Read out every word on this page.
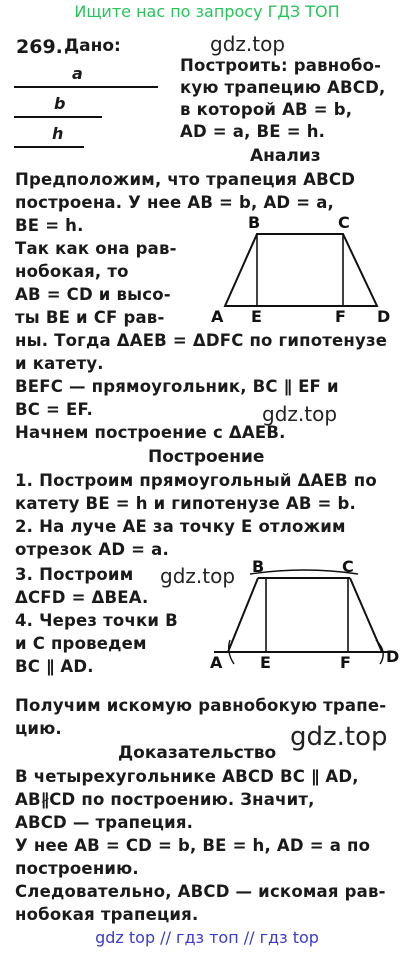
Ищите нас по запросу ГДЗ ТОП
269. Дано:
a
b
h
gdz.top
Построить: равнобо-
кую трапецию ABCD,
в которой AB = b,
AD = a, BE = h.
Анализ
Предположим, что трапеция ABCD
построена. У нее AB = b, AD = a,
BE = h.
Так как она рав-
нобокая, то
AB = CD и высо-
ты BE и CF рав-
ны. Тогда ΔAEB = ΔDFC по гипотенузе
и катету.
BEFC — прямоугольник, BC ∥ EF и
BC = EF.
Начнем построение с ΔAEB.
gdz.top
B	C
A E	F D
Построение
1. Построим прямоугольный ΔAEB по
катету BE = h и гипотенузе AB = b.
2. На луче AE за точку E отложим
отрезок AD = a.
3. Построим
ΔCFD = ΔBEA.
4. Через точки B
и C проведем
BC ∥ AD.
gdz.top B	C
A E	F D
Получим искомую равнобокую трапе-
цию.	gdz.top
Доказательство
В четырехугольнике ABCD BC ∥ AD,
AB∦CD по построению. Значит,
ABCD — трапеция.
У нее AB = CD = b, BE = h, AD = a по
построению.
Следовательно, ABCD — искомая рав-
нобокая трапеция.
gdz top // гдз топ // гдз top
